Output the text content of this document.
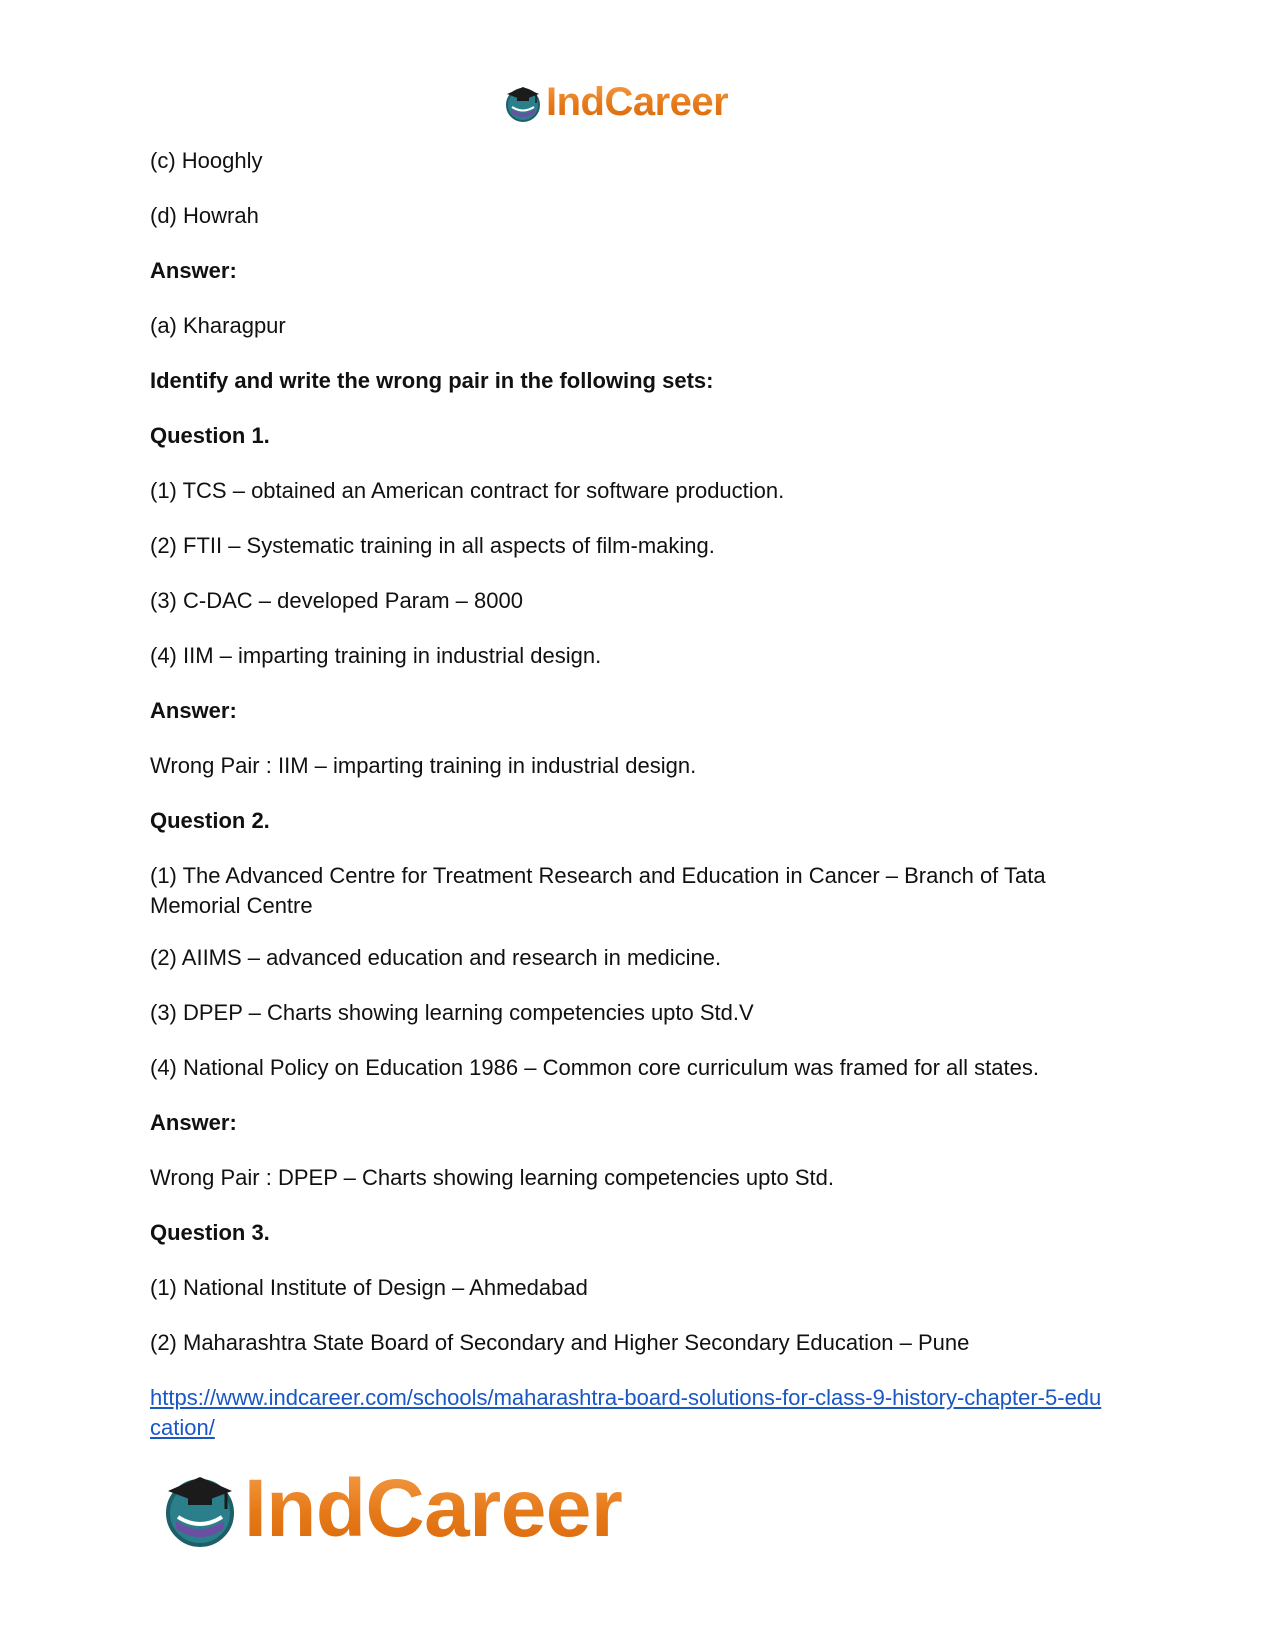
IndCareer

(c) Hooghly

(d) Howrah

Answer:

(a) Kharagpur

Identify and write the wrong pair in the following sets:

Question 1.

(1) TCS – obtained an American contract for software production.

(2) FTII – Systematic training in all aspects of film-making.

(3) C-DAC – developed Param – 8000

(4) IIM – imparting training in industrial design.

Answer:

Wrong Pair : IIM – imparting training in industrial design.

Question 2.

(1) The Advanced Centre for Treatment Research and Education in Cancer – Branch of Tata Memorial Centre

(2) AIIMS – advanced education and research in medicine.

(3) DPEP – Charts showing learning competencies upto Std.V

(4) National Policy on Education 1986 – Common core curriculum was framed for all states.

Answer:

Wrong Pair : DPEP – Charts showing learning competencies upto Std.

Question 3.

(1) National Institute of Design – Ahmedabad

(2) Maharashtra State Board of Secondary and Higher Secondary Education – Pune

https://www.indcareer.com/schools/maharashtra-board-solutions-for-class-9-history-chapter-5-education/
IndCareer
